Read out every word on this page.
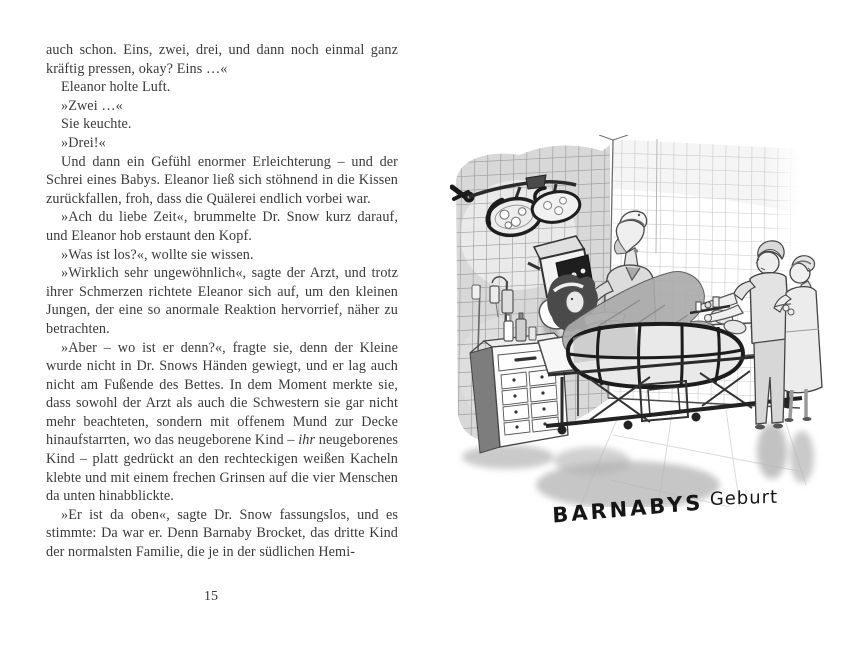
auch schon. Eins, zwei, drei, und dann noch einmal ganz kräftig pressen, okay? Eins …«

Eleanor holte Luft.

»Zwei …«

Sie keuchte.

»Drei!«

Und dann ein Gefühl enormer Erleichterung – und der Schrei eines Babys. Eleanor ließ sich stöhnend in die Kissen zurückfallen, froh, dass die Quälerei endlich vorbei war.

»Ach du liebe Zeit«, brummelte Dr. Snow kurz darauf, und Eleanor hob erstaunt den Kopf.

»Was ist los?«, wollte sie wissen.

»Wirklich sehr ungewöhnlich«, sagte der Arzt, und trotz ihrer Schmerzen richtete Eleanor sich auf, um den kleinen Jungen, der eine so anormale Reaktion hervorrief, näher zu betrachten.

»Aber – wo ist er denn?«, fragte sie, denn der Kleine wurde nicht in Dr. Snows Händen gewiegt, und er lag auch nicht am Fußende des Bettes. In dem Moment merkte sie, dass sowohl der Arzt als auch die Schwestern sie gar nicht mehr beachteten, sondern mit offenem Mund zur Decke hinaufstarrten, wo das neugeborene Kind – ihr neugeborenes Kind – platt gedrückt an den rechteckigen weißen Kacheln klebte und mit einem frechen Grinsen auf die vier Menschen da unten hinabblickte.

»Er ist da oben«, sagte Dr. Snow fassungslos, und es stimmte: Da war er. Denn Barnaby Brocket, das dritte Kind der normalsten Familie, die je in der südlichen Hemi-

15
BARNABYS Geburt
